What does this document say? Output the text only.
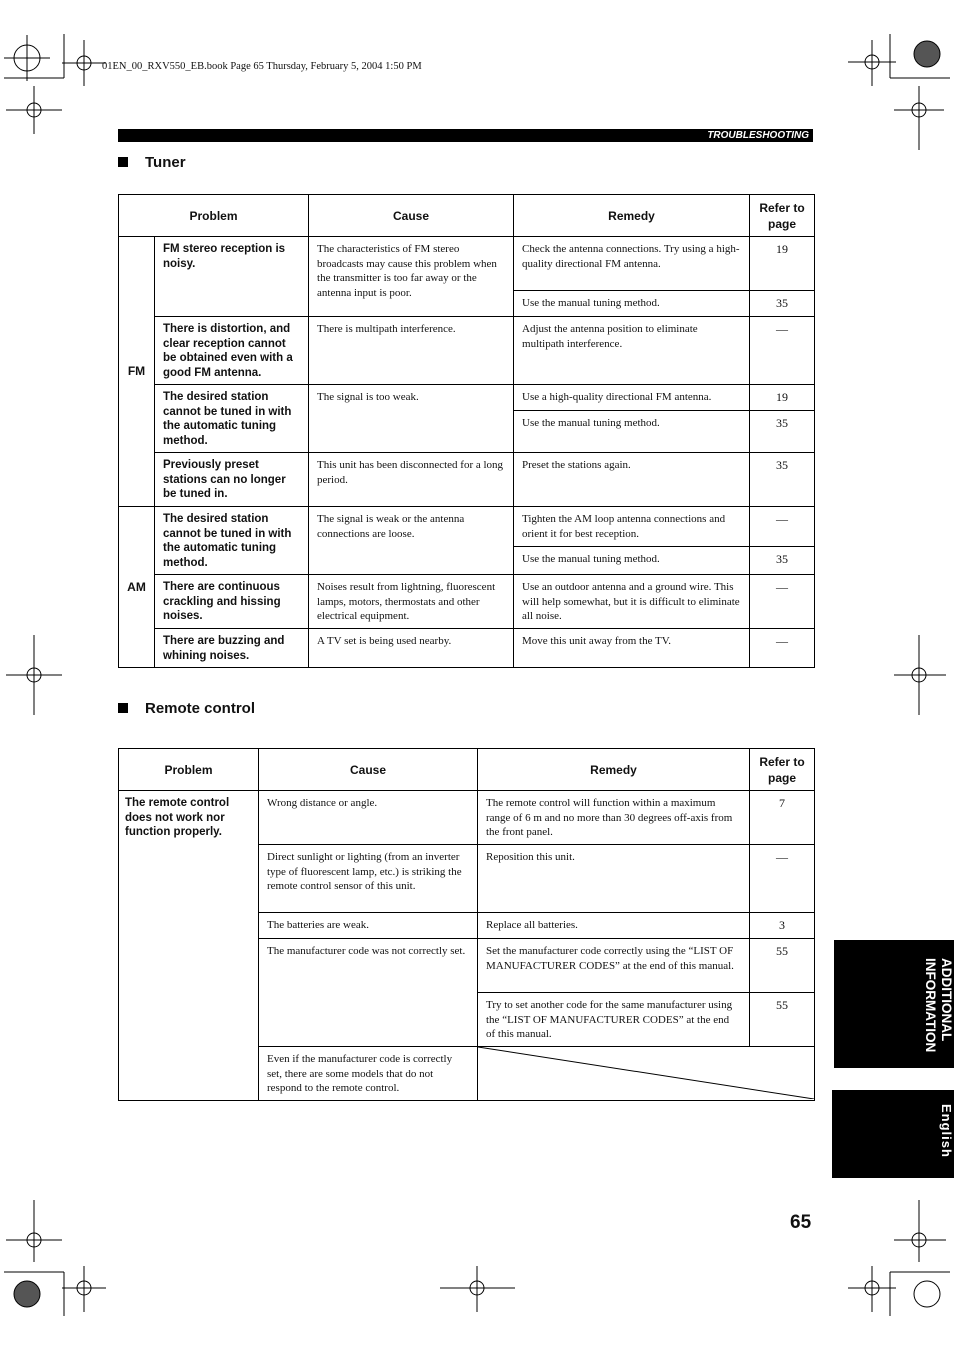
01EN_00_RXV550_EB.book Page 65 Thursday, February 5, 2004 1:50 PM
TROUBLESHOOTING
Tuner
Problem		Cause	Remedy	Refer to page
FM	FM stereo reception is noisy.	The characteristics of FM stereo broadcasts may cause this problem when the transmitter is too far away or the antenna input is poor.	Check the antenna connections. Try using a high-quality directional FM antenna.	19
			Use the manual tuning method.	35
	There is distortion, and clear reception cannot be obtained even with a good FM antenna.	There is multipath interference.	Adjust the antenna position to eliminate multipath interference.	—
	The desired station cannot be tuned in with the automatic tuning method.	The signal is too weak.	Use a high-quality directional FM antenna.	19
			Use the manual tuning method.	35
	Previously preset stations can no longer be tuned in.	This unit has been disconnected for a long period.	Preset the stations again.	35
AM	The desired station cannot be tuned in with the automatic tuning method.	The signal is weak or the antenna connections are loose.	Tighten the AM loop antenna connections and orient it for best reception.	—
			Use the manual tuning method.	35
	There are continuous crackling and hissing noises.	Noises result from lightning, fluorescent lamps, motors, thermostats and other electrical equipment.	Use an outdoor antenna and a ground wire. This will help somewhat, but it is difficult to eliminate all noise.	—
	There are buzzing and whining noises.	A TV set is being used nearby.	Move this unit away from the TV.	—
Remote control
Problem	Cause	Remedy	Refer to page
The remote control does not work nor function properly.	Wrong distance or angle.	The remote control will function within a maximum range of 6 m and no more than 30 degrees off-axis from the front panel.	7
	Direct sunlight or lighting (from an inverter type of fluorescent lamp, etc.) is striking the remote control sensor of this unit.	Reposition this unit.	—
	The batteries are weak.	Replace all batteries.	3
	The manufacturer code was not correctly set.	Set the manufacturer code correctly using the “LIST OF MANUFACTURER CODES” at the end of this manual.	55
		Try to set another code for the same manufacturer using the “LIST OF MANUFACTURER CODES” at the end of this manual.	55
	Even if the manufacturer code is correctly set, there are some models that do not respond to the remote control.	
ADDITIONAL
INFORMATION
English
65
